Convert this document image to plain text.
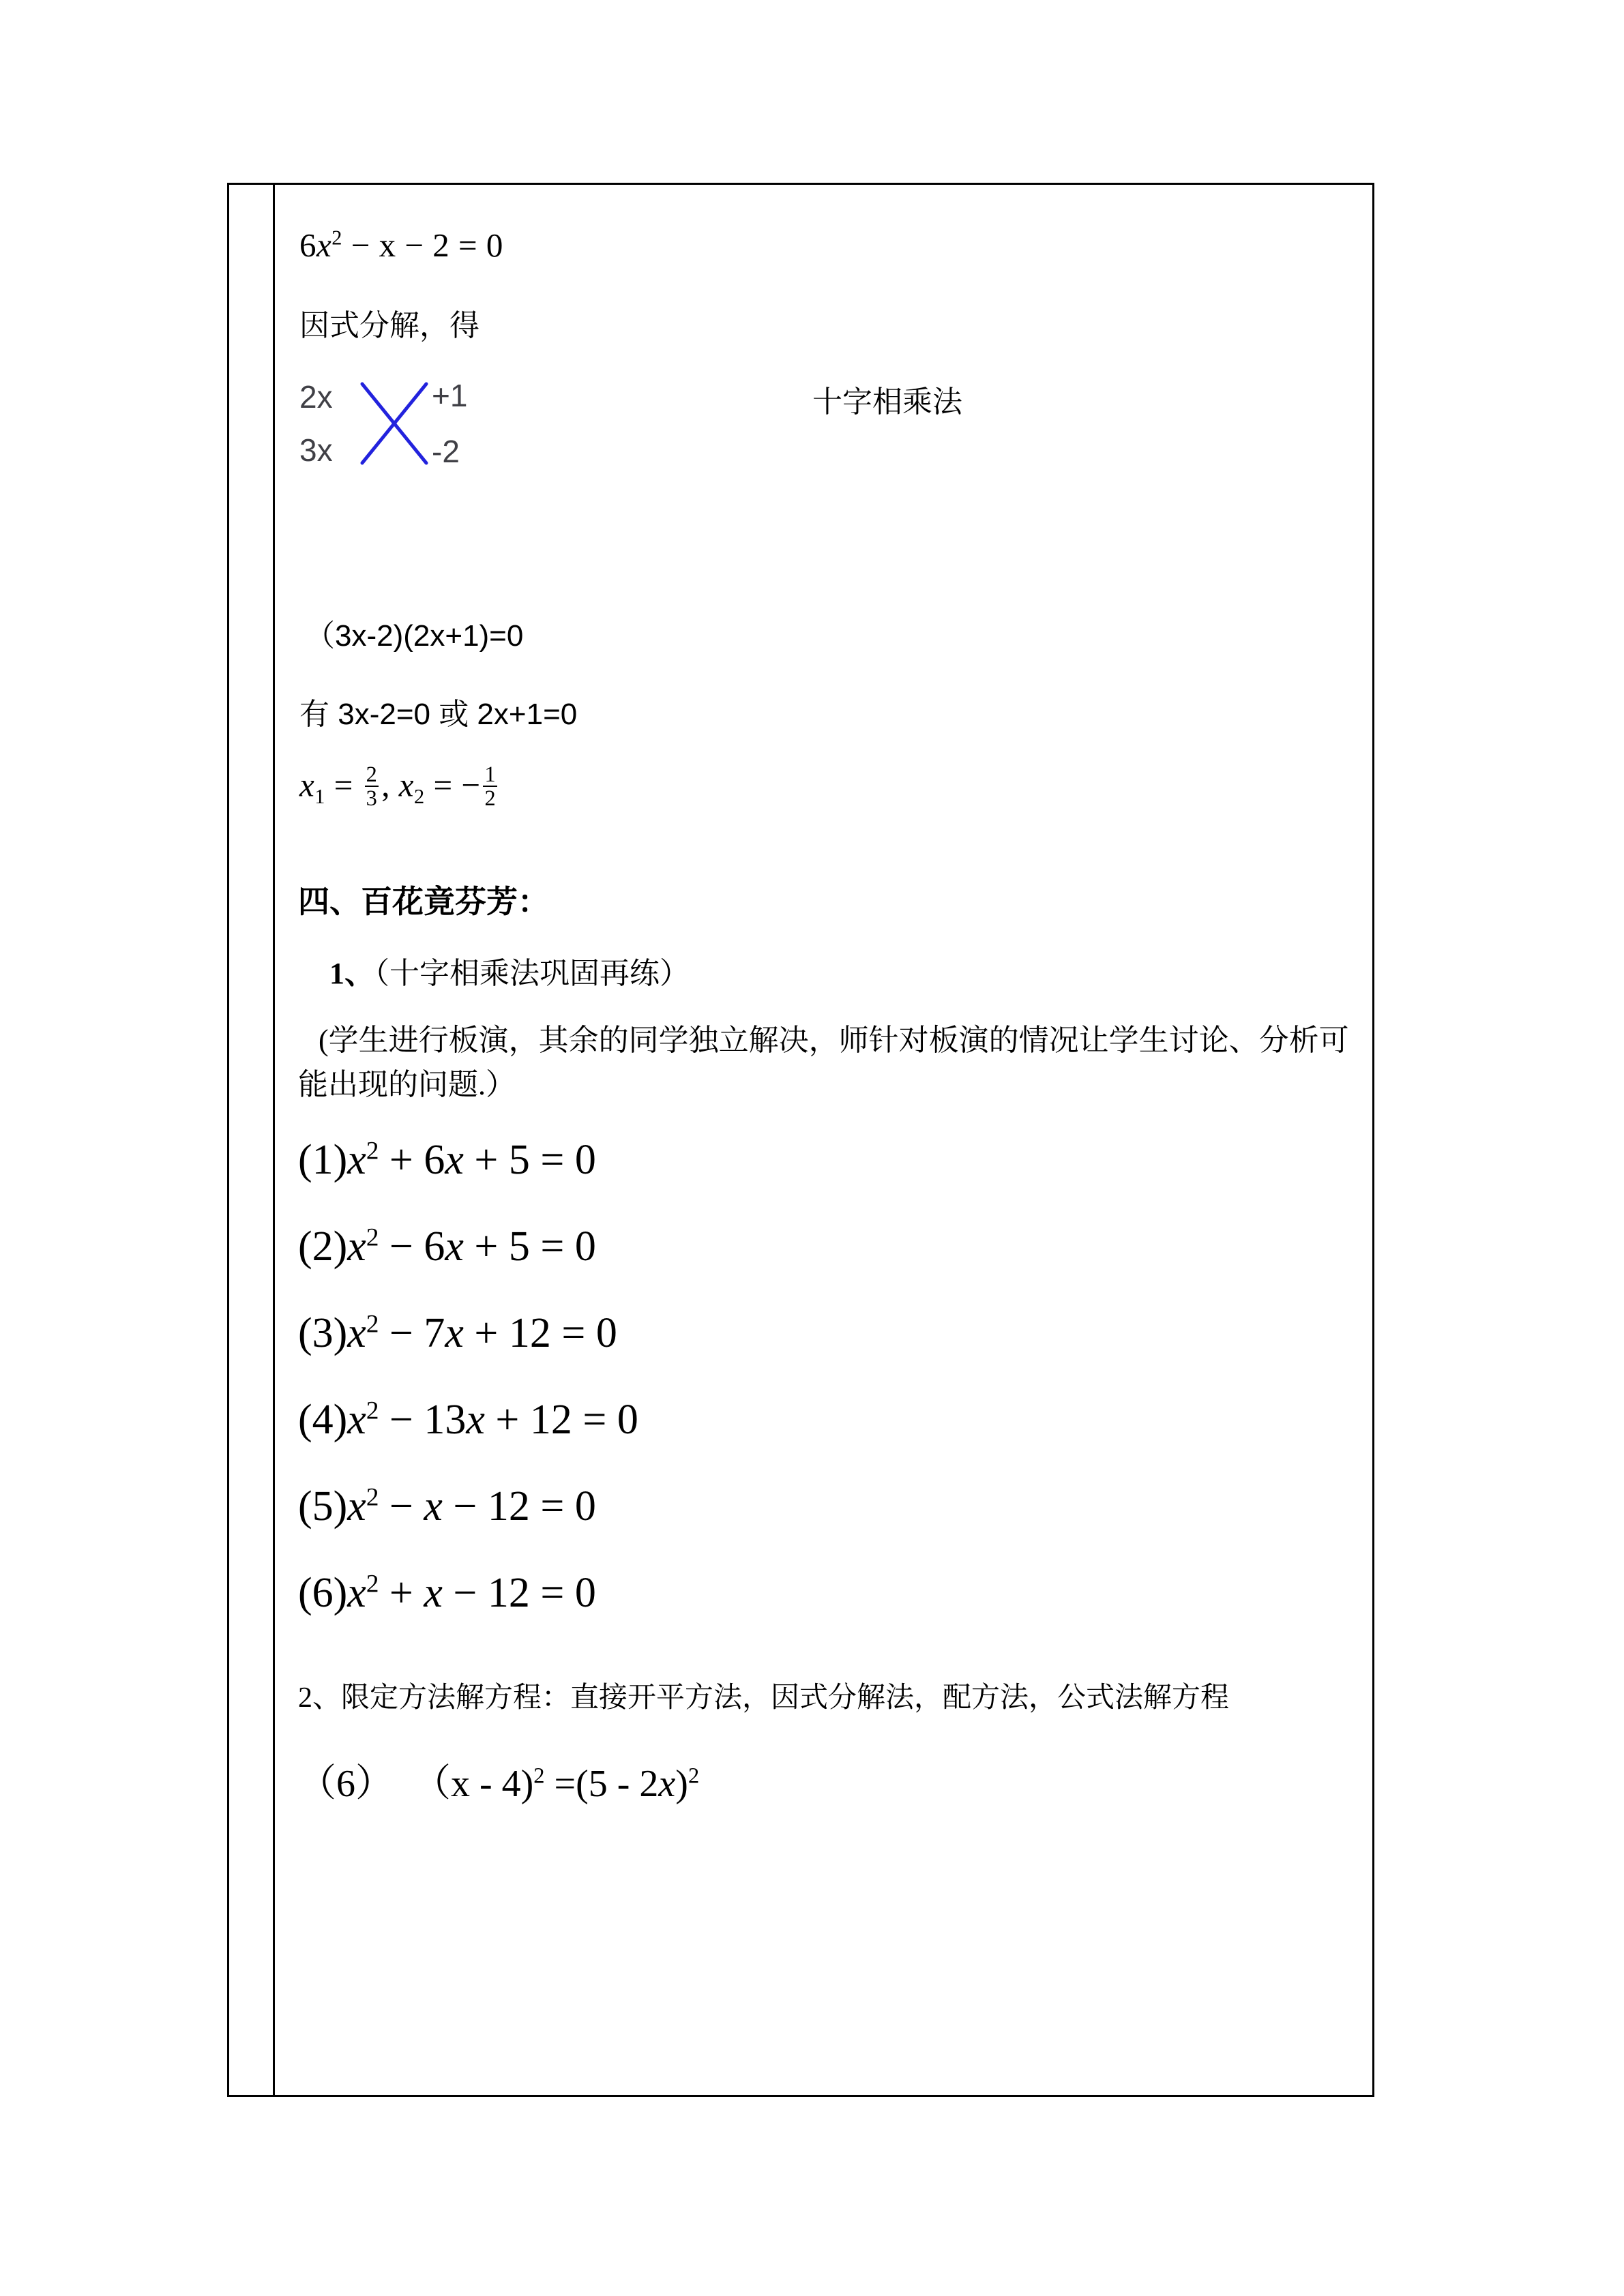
$6x^2 - x - 2 = 0$
因式分解，得
2x
3x
+1
-2
十字相乘法
（3x-2)(2x+1)=0
有 3x-2=0 或 2x+1=0
$x_1 = \frac{2}{3}$ , $x_2$ = − $\frac{1}{2}$
四、百花竟芬芳：
1、（十字相乘法巩固再练）
(学生进行板演，其余的同学独立解决，师针对板演的情况让学生讨论、分析可能出现的问题.）
$(1)x^2 + 6x + 5 = 0$
$(2)x^2 - 6x + 5 = 0$
$(3)x^2 - 7x + 12 = 0$
$(4)x^2 - 13x + 12 = 0$
$(5)x^2 - x - 12 = 0$
$(6)x^2 + x - 12 = 0$
2、限定方法解方程：直接开平方法，因式分解法，配方法，公式法解方程
（6） （x - 4)$^2$ =(5 - 2x)$^2$
